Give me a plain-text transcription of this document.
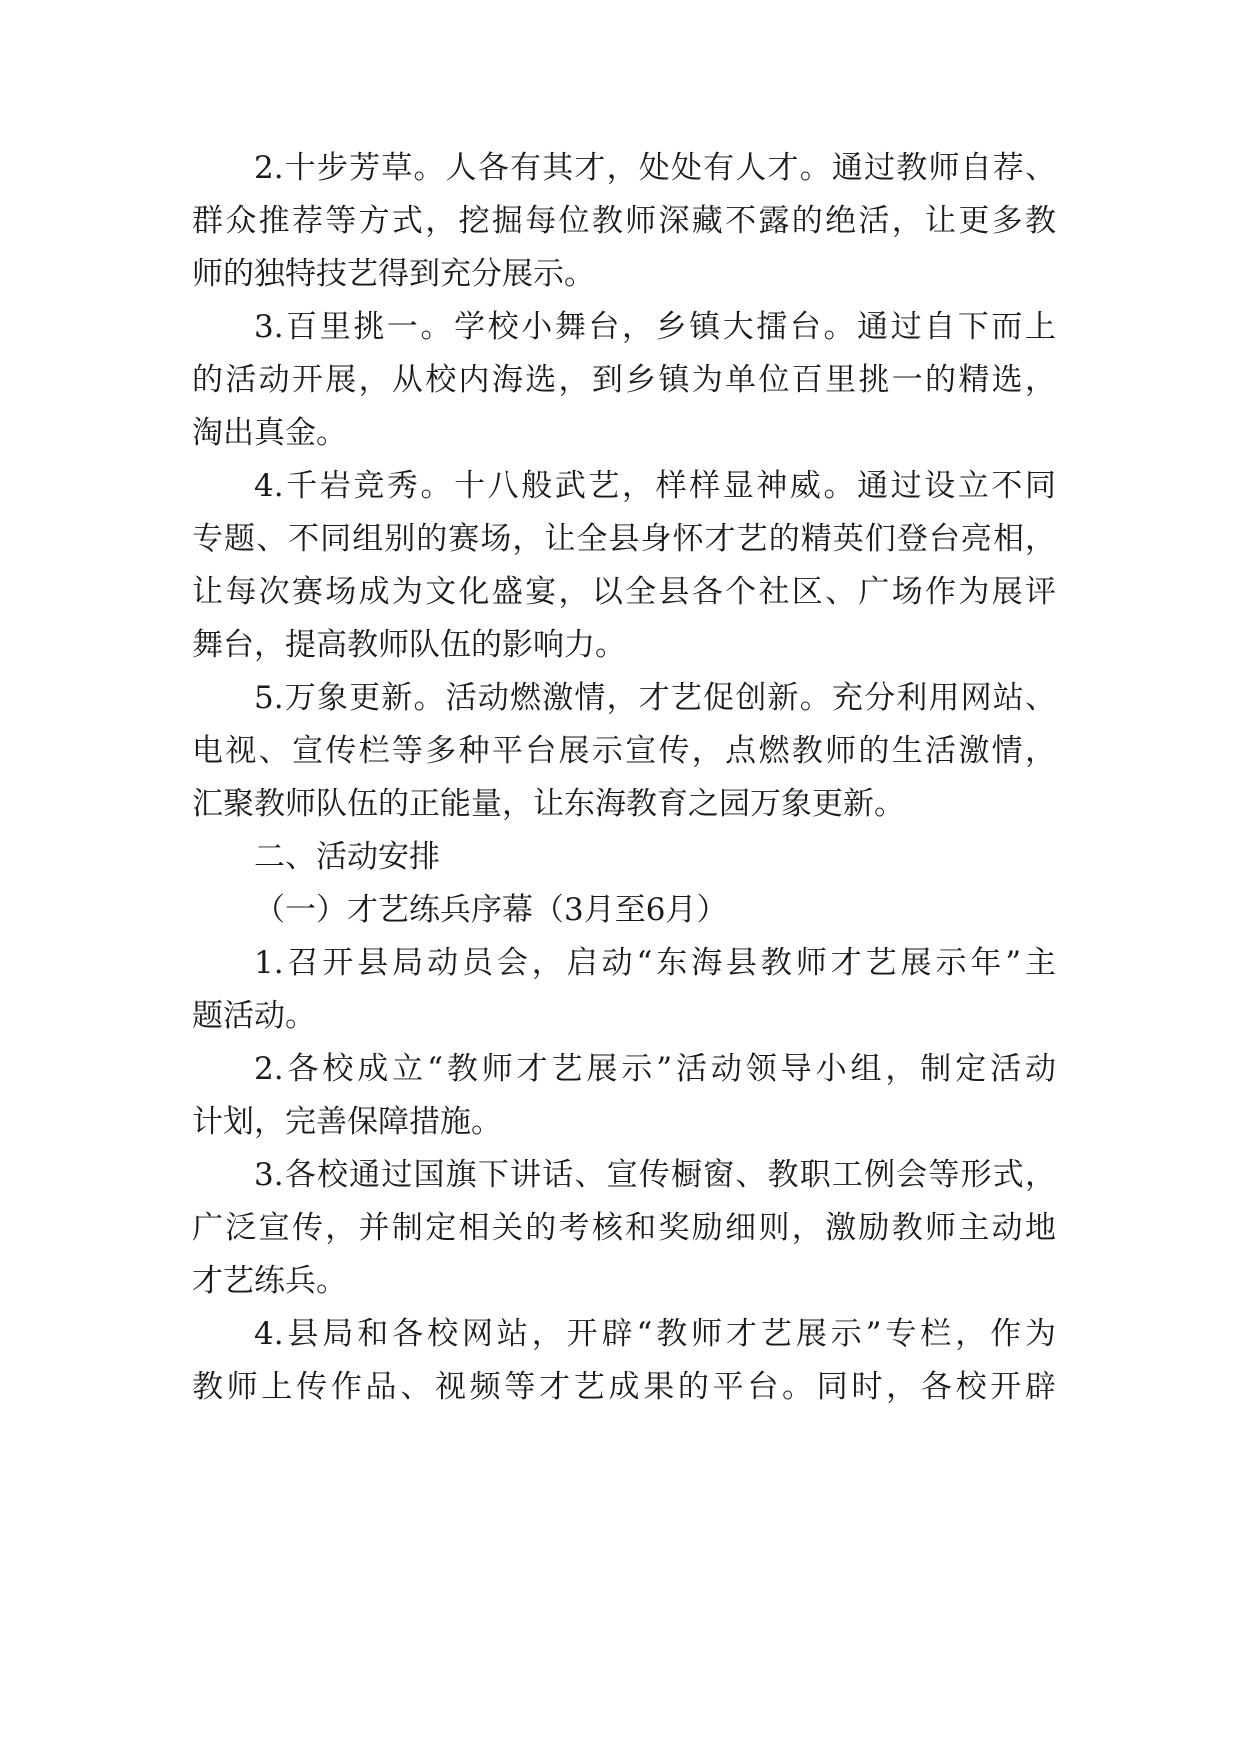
2.十步芳草。人各有其才，处处有人才。通过教师自荐、
群众推荐等方式，挖掘每位教师深藏不露的绝活，让更多教
师的独特技艺得到充分展示。
3.百里挑一。学校小舞台，乡镇大擂台。通过自下而上
的活动开展，从校内海选，到乡镇为单位百里挑一的精选，
淘出真金。
4.千岩竞秀。十八般武艺，样样显神威。通过设立不同
专题、不同组别的赛场，让全县身怀才艺的精英们登台亮相，
让每次赛场成为文化盛宴，以全县各个社区、广场作为展评
舞台，提高教师队伍的影响力。
5.万象更新。活动燃激情，才艺促创新。充分利用网站、
电视、宣传栏等多种平台展示宣传，点燃教师的生活激情，
汇聚教师队伍的正能量，让东海教育之园万象更新。
二、活动安排
（一）才艺练兵序幕（3月至6月）
1.召开县局动员会，启动“东海县教师才艺展示年”主
题活动。
2.各校成立“教师才艺展示”活动领导小组，制定活动
计划，完善保障措施。
3.各校通过国旗下讲话、宣传橱窗、教职工例会等形式，
广泛宣传，并制定相关的考核和奖励细则，激励教师主动地
才艺练兵。
4.县局和各校网站，开辟“教师才艺展示”专栏，作为
教师上传作品、视频等才艺成果的平台。同时，各校开辟
